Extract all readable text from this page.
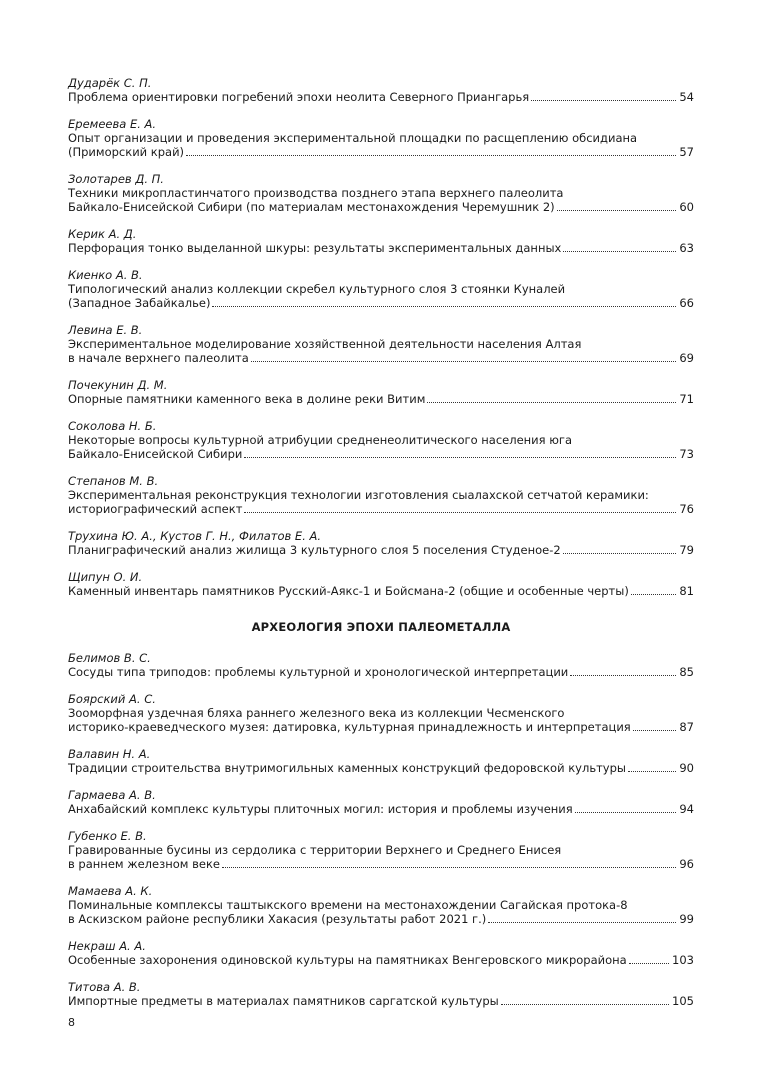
Дударёк С. П.
Проблема ориентировки погребений эпохи неолита Северного Приангарья	54
Еремеева Е. А.
Опыт организации и проведения экспериментальной площадки по расщеплению обсидиана
(Приморский край)	57
Золотарев Д. П.
Техники микропластинчатого производства позднего этапа верхнего палеолита
Байкало-Енисейской Сибири (по материалам местонахождения Черемушник 2)	60
Керик А. Д.
Перфорация тонко выделанной шкуры: результаты экспериментальных данных	63
Киенко А. В.
Типологический анализ коллекции скребел культурного слоя 3 стоянки Куналей
(Западное Забайкалье)	66
Левина Е. В.
Экспериментальное моделирование хозяйственной деятельности населения Алтая
в начале верхнего палеолита	69
Почекунин Д. М.
Опорные памятники каменного века в долине реки Витим	71
Соколова Н. Б.
Некоторые вопросы культурной атрибуции средненеолитического населения юга
Байкало-Енисейской Сибири	73
Степанов М. В.
Экспериментальная реконструкция технологии изготовления сыалахской сетчатой керамики:
историографический аспект	76
Трухина Ю. А., Кустов Г. Н., Филатов Е. А.
Планиграфический анализ жилища 3 культурного слоя 5 поселения Студеное-2	79
Щипун О. И.
Каменный инвентарь памятников Русский-Аякс-1 и Бойсмана-2 (общие и особенные черты)	81
АРХЕОЛОГИЯ ЭПОХИ ПАЛЕОМЕТАЛЛА
Белимов В. С.
Сосуды типа триподов: проблемы культурной и хронологической интерпретации	85
Боярский А. С.
Зооморфная уздечная бляха раннего железного века из коллекции Чесменского
историко-краеведческого музея: датировка, культурная принадлежность и интерпретация	87
Валавин Н. А.
Традиции строительства внутримогильных каменных конструкций федоровской культуры	90
Гармаева А. В.
Анхабайский комплекс культуры плиточных могил: история и проблемы изучения	94
Губенко Е. В.
Гравированные бусины из сердолика с территории Верхнего и Среднего Енисея
в раннем железном веке	96
Мамаева А. К.
Поминальные комплексы таштыкского времени на местонахождении Сагайская протока-8
в Аскизском районе республики Хакасия (результаты работ 2021 г.)	99
Некраш А. А.
Особенные захоронения одиновской культуры на памятниках Венгеровского микрорайона	103
Титова А. В.
Импортные предметы в материалах памятников саргатской культуры	105
8
